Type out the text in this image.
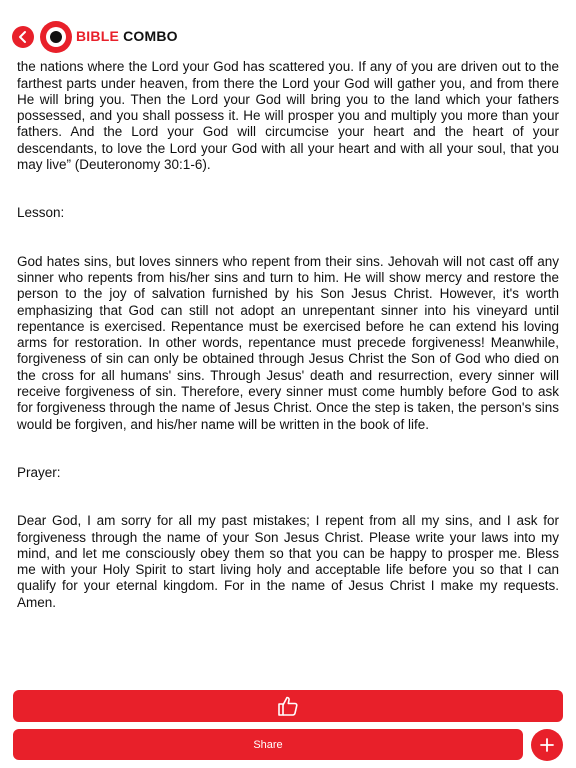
BIBLE COMBO

the nations where the Lord your God has scattered you. If any of you are driven out to the farthest parts under heaven, from there the Lord your God will gather you, and from there He will bring you. Then the Lord your God will bring you to the land which your fathers possessed, and you shall possess it. He will prosper you and multiply you more than your fathers. And the Lord your God will circumcise your heart and the heart of your descendants, to love the Lord your God with all your heart and with all your soul, that you may live” (Deuteronomy 30:1-6).

Lesson:

God hates sins, but loves sinners who repent from their sins. Jehovah will not cast off any sinner who repents from his/her sins and turn to him. He will show mercy and restore the person to the joy of salvation furnished by his Son Jesus Christ. However, it's worth emphasizing that God can still not adopt an unrepentant sinner into his vineyard until repentance is exercised. Repentance must be exercised before he can extend his loving arms for restoration. In other words, repentance must precede forgiveness! Meanwhile, forgiveness of sin can only be obtained through Jesus Christ the Son of God who died on the cross for all humans' sins. Through Jesus' death and resurrection, every sinner will receive forgiveness of sin. Therefore, every sinner must come humbly before God to ask for forgiveness through the name of Jesus Christ. Once the step is taken, the person's sins would be forgiven, and his/her name will be written in the book of life.

Prayer:

Dear God, I am sorry for all my past mistakes; I repent from all my sins, and I ask for forgiveness through the name of your Son Jesus Christ. Please write your laws into my mind, and let me consciously obey them so that you can be happy to prosper me. Bless me with your Holy Spirit to start living holy and acceptable life before you so that I can qualify for your eternal kingdom. For in the name of Jesus Christ I make my requests. Amen.

Share
